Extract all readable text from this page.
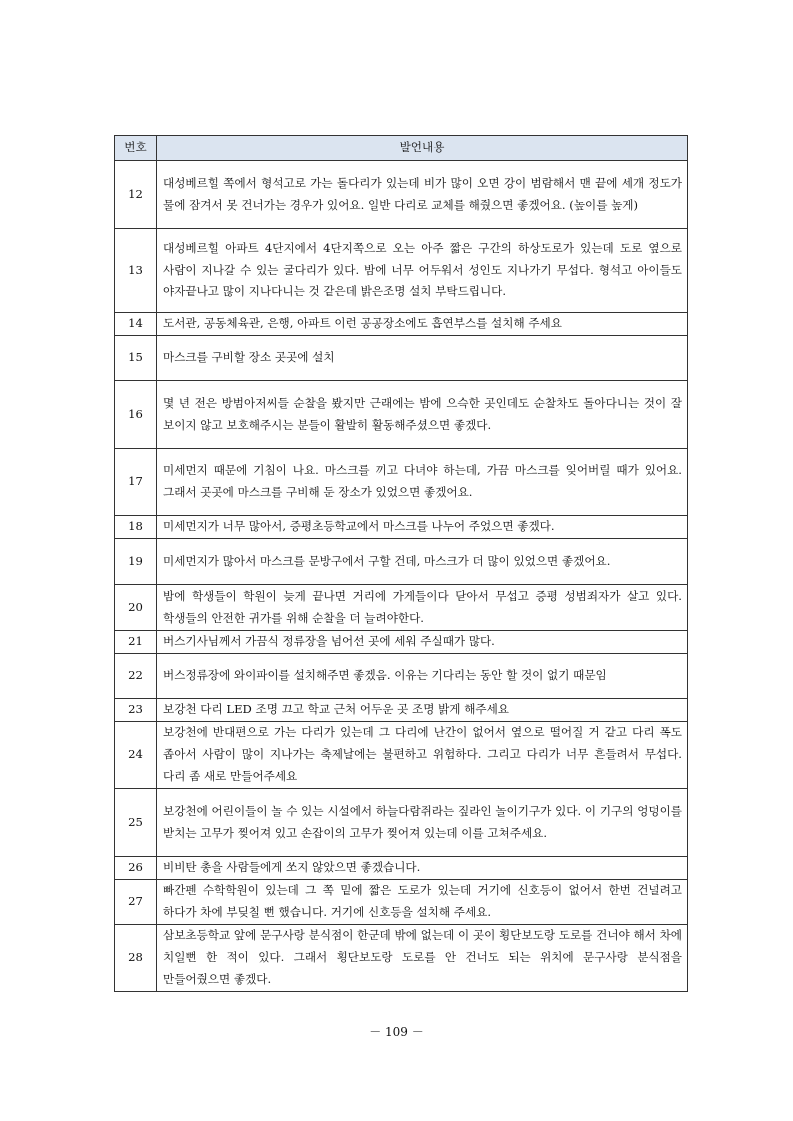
번호	발언내용
12	대성베르힐 쪽에서 형석고로 가는 돌다리가 있는데 비가 많이 오면 강이 범람해서 맨 끝에 세개 정도가 물에 잠겨서 못 건너가는 경우가 있어요. 일반 다리로 교체를 해줬으면 좋겠어요. (높이를 높게)
13	대성베르힐 아파트 4단지에서 4단지쪽으로 오는 아주 짧은 구간의 하상도로가 있는데 도로 옆으로 사람이 지나갈 수 있는 굴다리가 있다. 밤에 너무 어두워서 성인도 지나가기 무섭다. 형석고 아이들도 야자끝나고 많이 지나다니는 것 같은데 밝은조명 설치 부탁드립니다.
14	도서관, 공동체육관, 은행, 아파트 이런 공공장소에도 흡연부스를 설치해 주세요
15	마스크를 구비할 장소 곳곳에 설치
16	몇 년 전은 방범아저씨들 순찰을 봤지만 근래에는 밤에 으슥한 곳인데도 순찰차도 돌아다니는 것이 잘 보이지 않고 보호해주시는 분들이 활발히 활동해주셨으면 좋겠다.
17	미세먼지 때문에 기침이 나요. 마스크를 끼고 다녀야 하는데, 가끔 마스크를 잊어버릴 때가 있어요. 그래서 곳곳에 마스크를 구비해 둔 장소가 있었으면 좋겠어요.
18	미세먼지가 너무 많아서, 증평초등학교에서 마스크를 나누어 주었으면 좋겠다.
19	미세먼지가 많아서 마스크를 문방구에서 구할 건데, 마스크가 더 많이 있었으면 좋겠어요.
20	밤에 학생들이 학원이 늦게 끝나면 거리에 가게들이다 닫아서 무섭고 증평 성범죄자가 살고 있다. 학생들의 안전한 귀가를 위해 순찰을 더 늘려야한다.
21	버스기사님께서 가끔식 정류장을 넘어선 곳에 세워 주실때가 많다.
22	버스정류장에 와이파이를 설치해주면 좋겠음. 이유는 기다리는 동안 할 것이 없기 때문임
23	보강천 다리 LED 조명 끄고 학교 근처 어두운 곳 조명 밝게 해주세요
24	보강천에 반대편으로 가는 다리가 있는데 그 다리에 난간이 없어서 옆으로 떨어질 거 같고 다리 폭도 좁아서 사람이 많이 지나가는 축제날에는 불편하고 위험하다. 그리고 다리가 너무 흔들려서 무섭다. 다리 좀 새로 만들어주세요
25	보강천에 어린이들이 놀 수 있는 시설에서 하늘다람쥐라는 짚라인 놀이기구가 있다. 이 기구의 엉덩이를 받치는 고무가 찢어져 있고 손잡이의 고무가 찢어져 있는데 이를 고쳐주세요.
26	비비탄 총을 사람들에게 쏘지 않았으면 좋겠습니다.
27	빠간펜 수학학원이 있는데 그 쪽 밑에 짧은 도로가 있는데 거기에 신호등이 없어서 한번 건널려고 하다가 차에 부딪칠 뻔 했습니다. 거기에 신호등을 설치해 주세요.
28	삼보초등학교 앞에 문구사랑 분식점이 한군데 밖에 없는데 이 곳이 횡단보도랑 도로를 건너야 해서 차에 치일뻔 한 적이 있다. 그래서 횡단보도랑 도로를 안 건너도 되는 위치에 문구사랑 분식점을 만들어줬으면 좋겠다.
－ 109 －
